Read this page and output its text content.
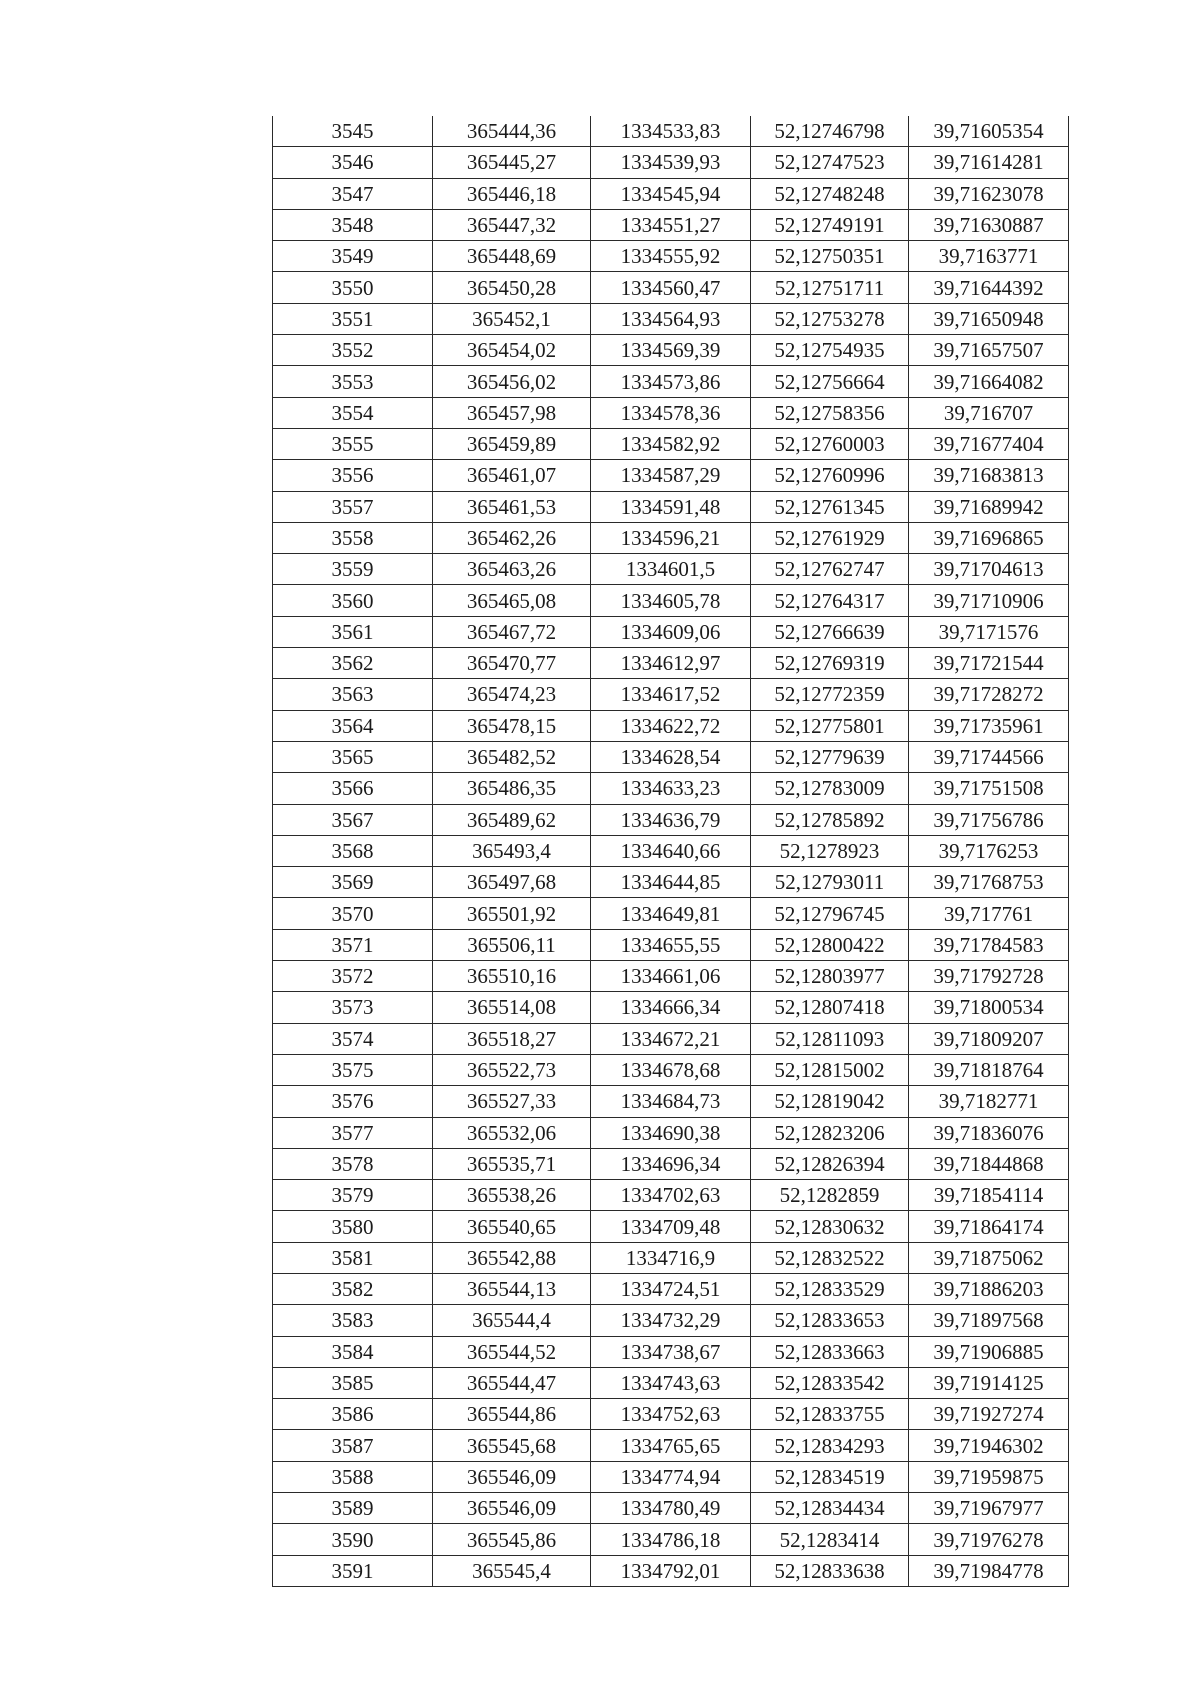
3545	365444,36	1334533,83	52,12746798	39,71605354
3546	365445,27	1334539,93	52,12747523	39,71614281
3547	365446,18	1334545,94	52,12748248	39,71623078
3548	365447,32	1334551,27	52,12749191	39,71630887
3549	365448,69	1334555,92	52,12750351	39,7163771
3550	365450,28	1334560,47	52,12751711	39,71644392
3551	365452,1	1334564,93	52,12753278	39,71650948
3552	365454,02	1334569,39	52,12754935	39,71657507
3553	365456,02	1334573,86	52,12756664	39,71664082
3554	365457,98	1334578,36	52,12758356	39,716707
3555	365459,89	1334582,92	52,12760003	39,71677404
3556	365461,07	1334587,29	52,12760996	39,71683813
3557	365461,53	1334591,48	52,12761345	39,71689942
3558	365462,26	1334596,21	52,12761929	39,71696865
3559	365463,26	1334601,5	52,12762747	39,71704613
3560	365465,08	1334605,78	52,12764317	39,71710906
3561	365467,72	1334609,06	52,12766639	39,7171576
3562	365470,77	1334612,97	52,12769319	39,71721544
3563	365474,23	1334617,52	52,12772359	39,71728272
3564	365478,15	1334622,72	52,12775801	39,71735961
3565	365482,52	1334628,54	52,12779639	39,71744566
3566	365486,35	1334633,23	52,12783009	39,71751508
3567	365489,62	1334636,79	52,12785892	39,71756786
3568	365493,4	1334640,66	52,1278923	39,7176253
3569	365497,68	1334644,85	52,12793011	39,71768753
3570	365501,92	1334649,81	52,12796745	39,717761
3571	365506,11	1334655,55	52,12800422	39,71784583
3572	365510,16	1334661,06	52,12803977	39,71792728
3573	365514,08	1334666,34	52,12807418	39,71800534
3574	365518,27	1334672,21	52,12811093	39,71809207
3575	365522,73	1334678,68	52,12815002	39,71818764
3576	365527,33	1334684,73	52,12819042	39,7182771
3577	365532,06	1334690,38	52,12823206	39,71836076
3578	365535,71	1334696,34	52,12826394	39,71844868
3579	365538,26	1334702,63	52,1282859	39,71854114
3580	365540,65	1334709,48	52,12830632	39,71864174
3581	365542,88	1334716,9	52,12832522	39,71875062
3582	365544,13	1334724,51	52,12833529	39,71886203
3583	365544,4	1334732,29	52,12833653	39,71897568
3584	365544,52	1334738,67	52,12833663	39,71906885
3585	365544,47	1334743,63	52,12833542	39,71914125
3586	365544,86	1334752,63	52,12833755	39,71927274
3587	365545,68	1334765,65	52,12834293	39,71946302
3588	365546,09	1334774,94	52,12834519	39,71959875
3589	365546,09	1334780,49	52,12834434	39,71967977
3590	365545,86	1334786,18	52,1283414	39,71976278
3591	365545,4	1334792,01	52,12833638	39,71984778
